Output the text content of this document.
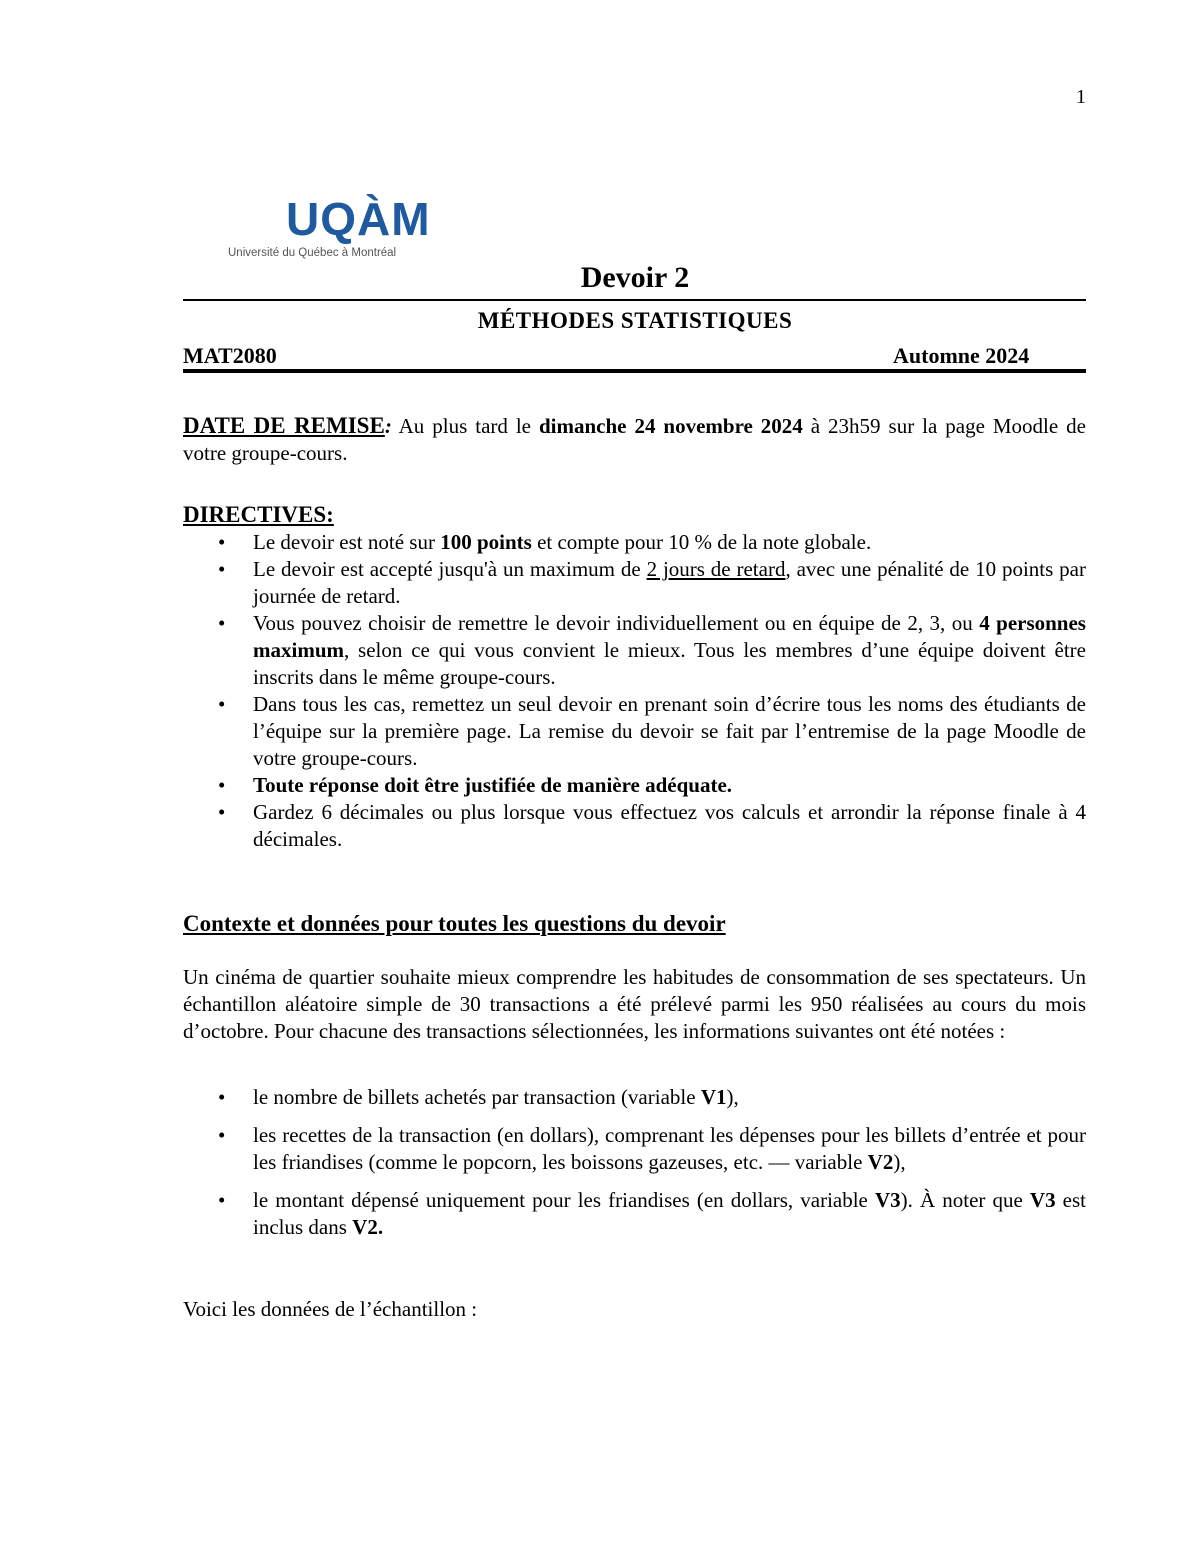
1
UQÀM
Université du Québec à Montréal
Devoir 2
MÉTHODES STATISTIQUES
MAT2080	Automne 2024
DATE DE REMISE: Au plus tard le dimanche 24 novembre 2024 à 23h59 sur la page Moodle de votre groupe-cours.
DIRECTIVES:
• Le devoir est noté sur 100 points et compte pour 10 % de la note globale.
• Le devoir est accepté jusqu'à un maximum de 2 jours de retard, avec une pénalité de 10 points par journée de retard.
• Vous pouvez choisir de remettre le devoir individuellement ou en équipe de 2, 3, ou 4 personnes maximum, selon ce qui vous convient le mieux. Tous les membres d’une équipe doivent être inscrits dans le même groupe-cours.
• Dans tous les cas, remettez un seul devoir en prenant soin d’écrire tous les noms des étudiants de l’équipe sur la première page. La remise du devoir se fait par l’entremise de la page Moodle de votre groupe-cours.
• Toute réponse doit être justifiée de manière adéquate.
• Gardez 6 décimales ou plus lorsque vous effectuez vos calculs et arrondir la réponse finale à 4 décimales.
Contexte et données pour toutes les questions du devoir
Un cinéma de quartier souhaite mieux comprendre les habitudes de consommation de ses spectateurs. Un échantillon aléatoire simple de 30 transactions a été prélevé parmi les 950 réalisées au cours du mois d’octobre. Pour chacune des transactions sélectionnées, les informations suivantes ont été notées :
• le nombre de billets achetés par transaction (variable V1),
• les recettes de la transaction (en dollars), comprenant les dépenses pour les billets d’entrée et pour les friandises (comme le popcorn, les boissons gazeuses, etc. — variable V2),
• le montant dépensé uniquement pour les friandises (en dollars, variable V3). À noter que V3 est inclus dans V2.
Voici les données de l’échantillon :
